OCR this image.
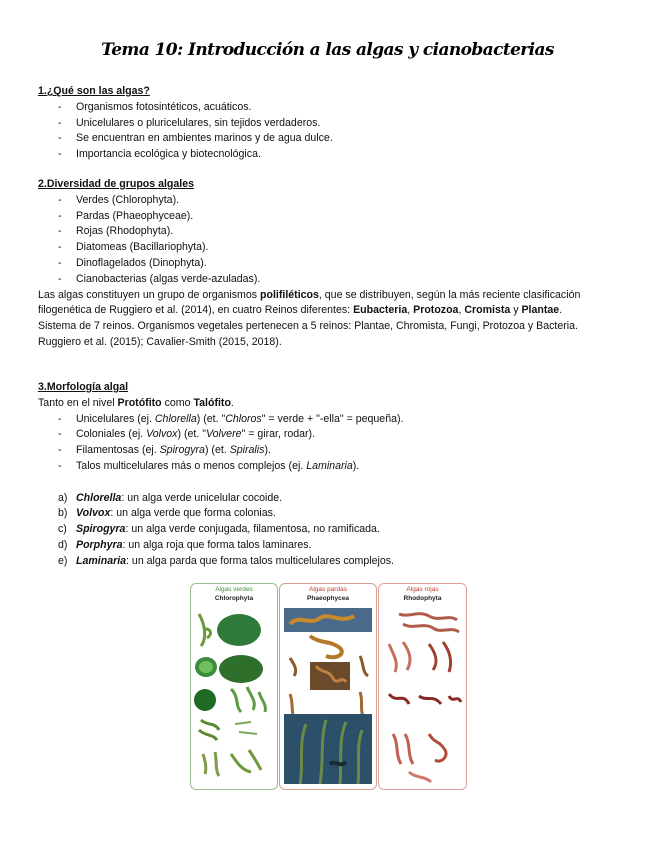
Tema 10: Introducción a las algas y cianobacterias
1.¿Qué son las algas?
- Organismos fotosintéticos, acuáticos.
- Unicelulares o pluricelulares, sin tejidos verdaderos.
- Se encuentran en ambientes marinos y de agua dulce.
- Importancia ecológica y biotecnológica.
2.Diversidad de grupos algales
- Verdes (Chlorophyta).
- Pardas (Phaeophyceae).
- Rojas (Rhodophyta).
- Diatomeas (Bacillariophyta).
- Dinoflagelados (Dinophyta).
- Cianobacterias (algas verde-azuladas).

Las algas constituyen un grupo de organismos polifiléticos, que se distribuyen, según la más reciente clasificación filogenética de Ruggiero et al. (2014), en cuatro Reinos diferentes: Eubacteria, Protozoa, Cromista y Plantae.

Sistema de 7 reinos. Organismos vegetales pertenecen a 5 reinos: Plantae, Chromista, Fungi, Protozoa y Bacteria. Ruggiero et al. (2015); Cavalier-Smith (2015, 2018).

3.Morfología algal
Tanto en el nivel Protófito como Talófito.
- Unicelulares (ej. Chlorella) (et. "Chloros" = verde + "-ella" = pequeña).
- Coloniales (ej. Volvox) (et. "Volvere" = girar, rodar).
- Filamentosas (ej. Spirogyra) (et. Spiralis).
- Talos multicelulares más o menos complejos (ej. Laminaria).
a) Chlorella: un alga verde unicelular cocoide.
b) Volvox: un alga verde que forma colonias.
c) Spirogyra: un alga verde conjugada, filamentosa, no ramificada.
d) Porphyra: un alga roja que forma talos laminares.
e) Laminaria: un alga parda que forma talos multicelulares complejos.
Algas verdes
Chlorophyta
Algas pardas
Phaeophycea
Algas rojas
Rhodophyta
